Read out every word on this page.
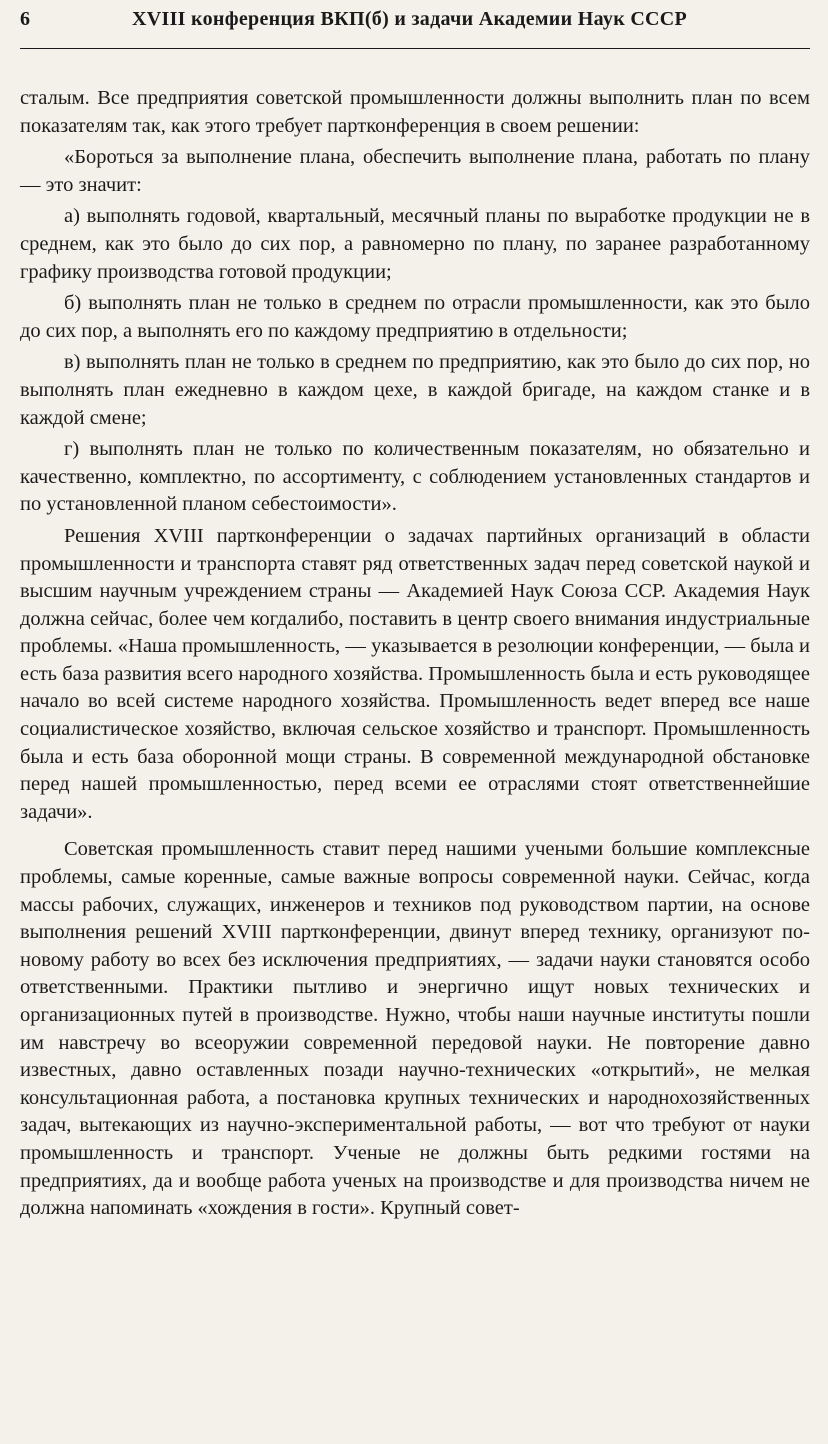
6	XVIII конференция ВКП(б) и задачи Академии Наук СССР

сталым. Все предприятия советской промышленности должны выполнить план по всем показателям так, как этого требует партконференция в своем решении:

«Бороться за выполнение плана, обеспечить выполнение плана, работать по плану — это значит:

а) выполнять годовой, квартальный, месячный планы по выработке продукции не в среднем, как это было до сих пор, а равномерно по плану, по заранее разработанному графику производства готовой продукции;

б) выполнять план не только в среднем по отрасли промышленности, как это было до сих пор, а выполнять его по каждому предприятию в отдельности;

в) выполнять план не только в среднем по предприятию, как это было до сих пор, но выполнять план ежедневно в каждом цехе, в каждой бригаде, на каждом станке и в каждой смене;

г) выполнять план не только по количественным показателям, но обязательно и качественно, комплектно, по ассортименту, с соблюдением установленных стандартов и по установленной планом себестоимости».

Решения XVIII партконференции о задачах партийных организаций в области промышленности и транспорта ставят ряд ответственных задач перед советской наукой и высшим научным учреждением страны — Академией Наук Союза ССР. Академия Наук должна сейчас, более чем когдалибо, поставить в центр своего внимания индустриальные проблемы. «Наша промышленность, — указывается в резолюции конференции, — была и есть база развития всего народного хозяйства. Промышленность была и есть руководящее начало во всей системе народного хозяйства. Промышленность ведет вперед все наше социалистическое хозяйство, включая сельское хозяйство и транспорт. Промышленность была и есть база оборонной мощи страны. В современной международной обстановке перед нашей промышленностью, перед всеми ее отраслями стоят ответственнейшие задачи».

Советская промышленность ставит перед нашими учеными большие комплексные проблемы, самые коренные, самые важные вопросы современной науки. Сейчас, когда массы рабочих, служащих, инженеров и техников под руководством партии, на основе выполнения решений XVIII партконференции, двинут вперед технику, организуют по-новому работу во всех без исключения предприятиях, — задачи науки становятся особо ответственными. Практики пытливо и энергично ищут новых технических и организационных путей в производстве. Нужно, чтобы наши научные институты пошли им навстречу во всеоружии современной передовой науки. Не повторение давно известных, давно оставленных позади научно-технических «открытий», не мелкая консультационная работа, а постановка крупных технических и народнохозяйственных задач, вытекающих из научно-экспериментальной работы, — вот что требуют от науки промышленность и транспорт. Ученые не должны быть редкими гостями на предприятиях, да и вообще работа ученых на производстве и для производства ничем не должна напоминать «хождения в гости». Крупный совет-
